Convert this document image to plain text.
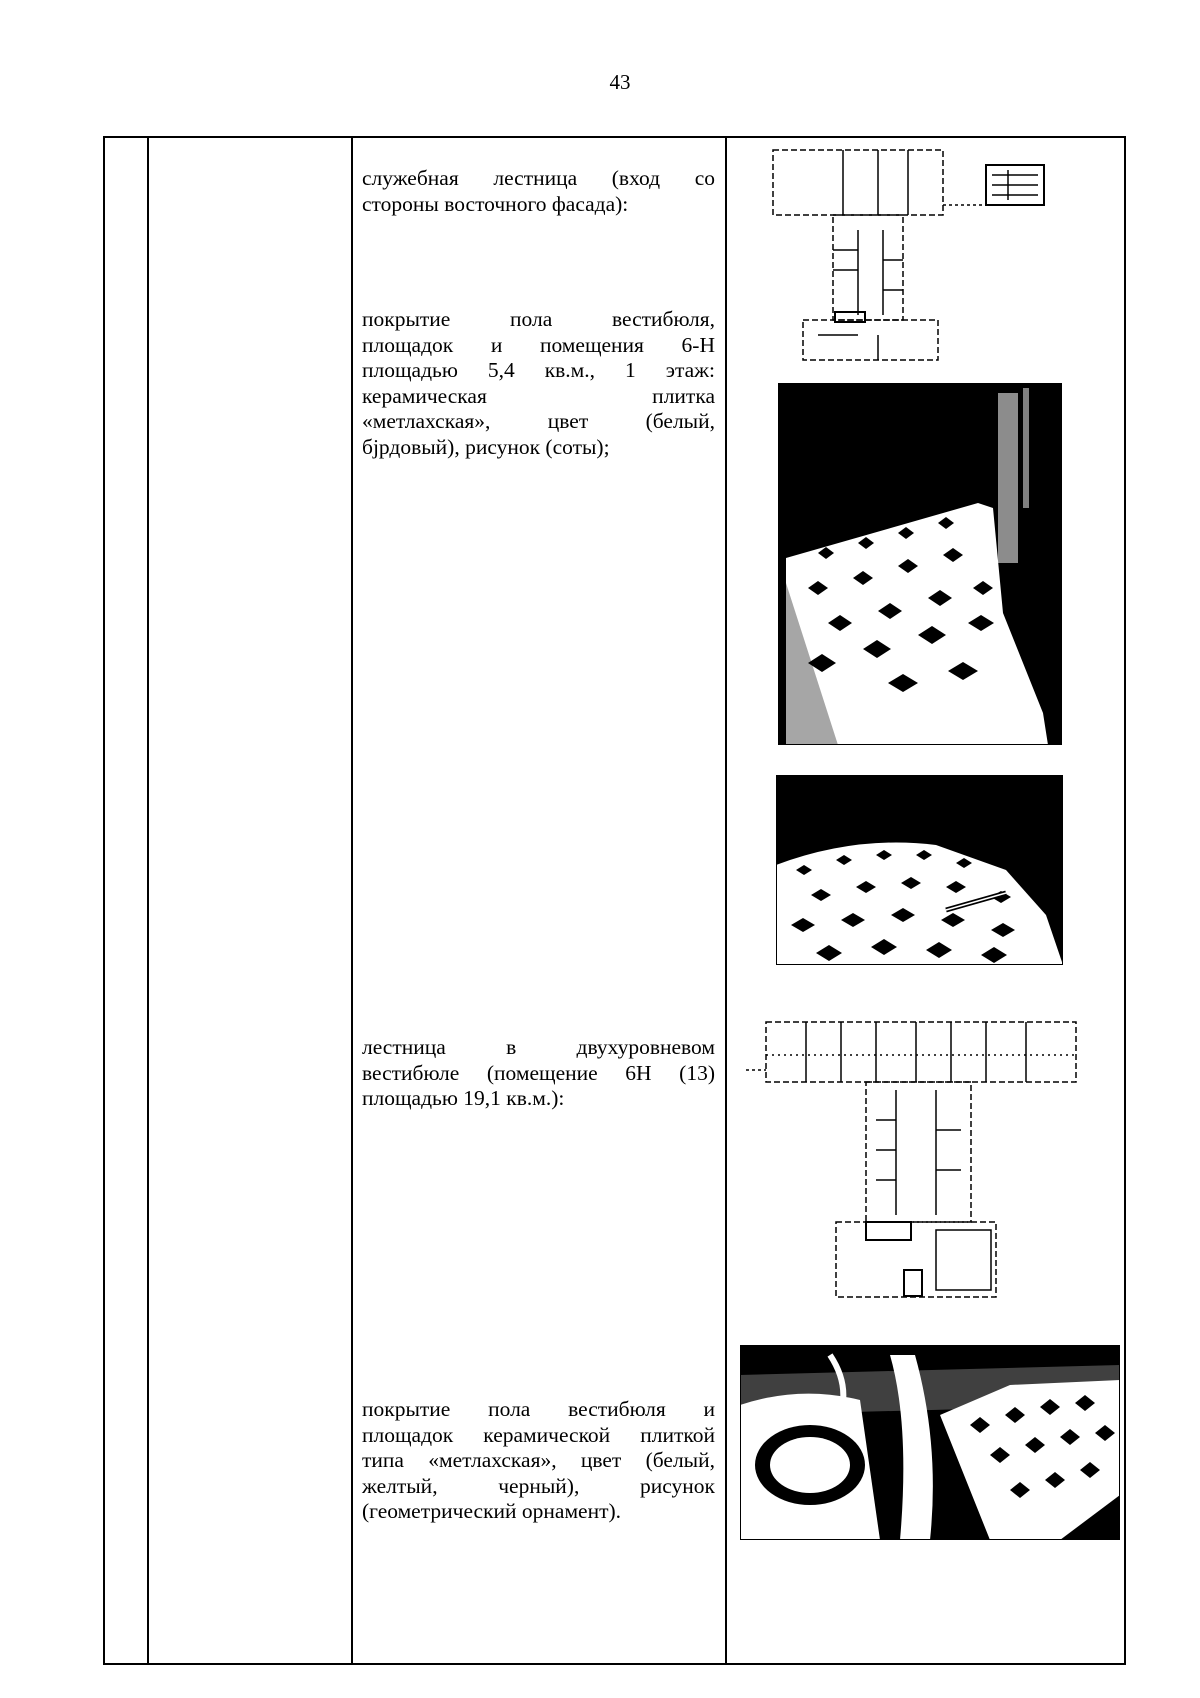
43

служебная лестница (вход со
стороны восточного фасада):

покрытие пола вестибюля,
площадок и помещения 6-Н
площадью 5,4 кв.м., 1 этаж:
керамическая плитка
«метлахская», цвет (белый,
бјрдовый), рисунок (соты);

лестница в двухуровневом
вестибюле (помещение 6Н (13)
площадью 19,1 кв.м.):

покрытие пола вестибюля и
площадок керамической плиткой
типа «метлахская», цвет (белый,
желтый, черный), рисунок
(геометрический орнамент).
